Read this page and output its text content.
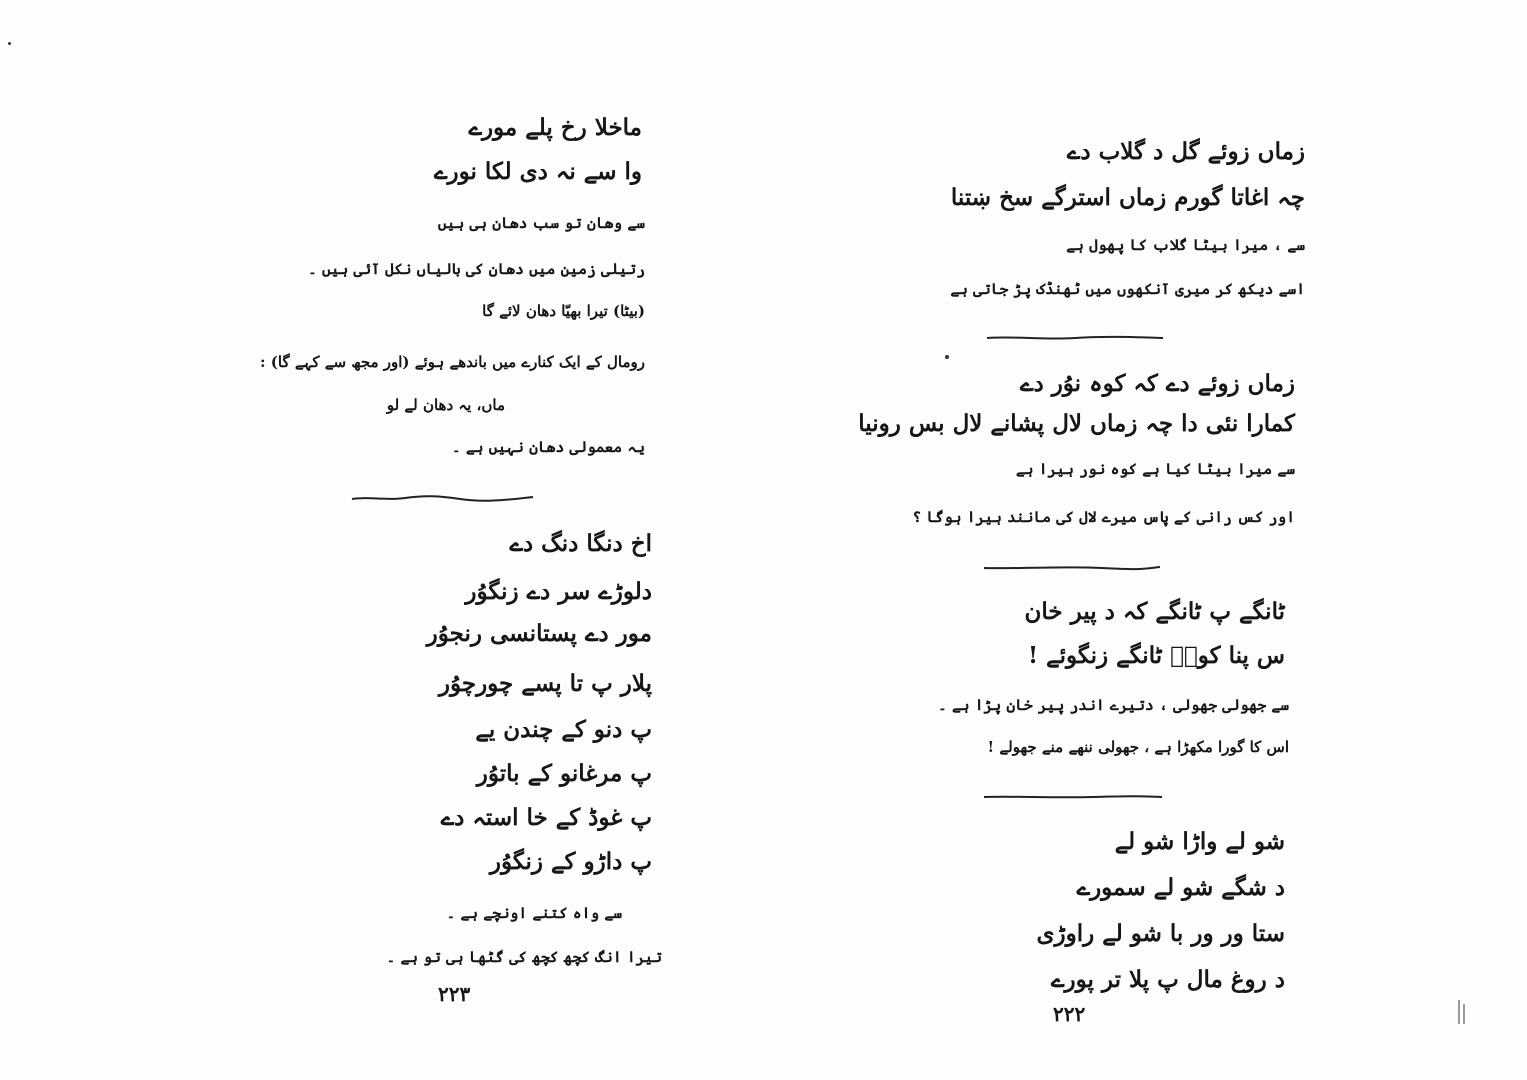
ماخلا رخ پلے مورے
وا سے نہ دی لکا نورے
سے وھان تو سب دھان ہی ہیں
رتیلی زمین میں دھان کی بالیاں نکل آئی ہیں ۔
(بیٹا) تیرا بھیّا دھان لائے گا
رومال کے ایک کنارے میں باندھے ہوئے (اور مجھ سے کہے گا) :
ماں، یہ دھان لے لو
یہ معمولی دھان نہیں ہے ۔
اخ دنگا دنگ دے
دلوڑے سر دے زنگوُر
مور دے پستانسی رنجوُر
پلار پ تا پسے چورچوُر
پ دنو کے چندن یے
پ مرغانو کے باتوُر
پ غوڈ کے خا استہ دے
پ داڑو کے زنگوُر
سے واہ کتنے اونچے ہے ۔
تیرا انگ کچھ کچھ کی گٹھا ہی تو ہے ۔
٢٢٣
زماں زوئے گل د گلاب دے
چہ اغاتا گورم زماں استرگے سخ ښتنا
سے ، میرا بیٹا گلاب کا پھول ہے
اسے دیکھ کر میری آنکھوں میں ٹھنڈک پڑ جاتی ہے
زماں زوئے دے کہ کوہ نوُر دے
کمارا نئی دا چہ زماں لال پشانے لال بس رونیا
سے میرا بیٹا کیا ہے کوہ نور ہیرا ہے
اور کس رانی کے پاس میرے لال کی مانند ہیرا ہوگا ؟
ٹانگے پ ٹانگے کہ د پیر خان
س پنا کوےؐ ٹانگے زنگوئے !
سے جھولی جھولی ، دتیرے اندر پیر خان پڑا ہے ۔
اس کا گورا مکھڑا ہے ، جھولی ننھے منے جھولے !
شو لے واڑا شو لے
د شگے شو لے سمورے
ستا ور ور با شو لے راوڑی
د روغ مال پ پلا تر پورے
٢٢٢
